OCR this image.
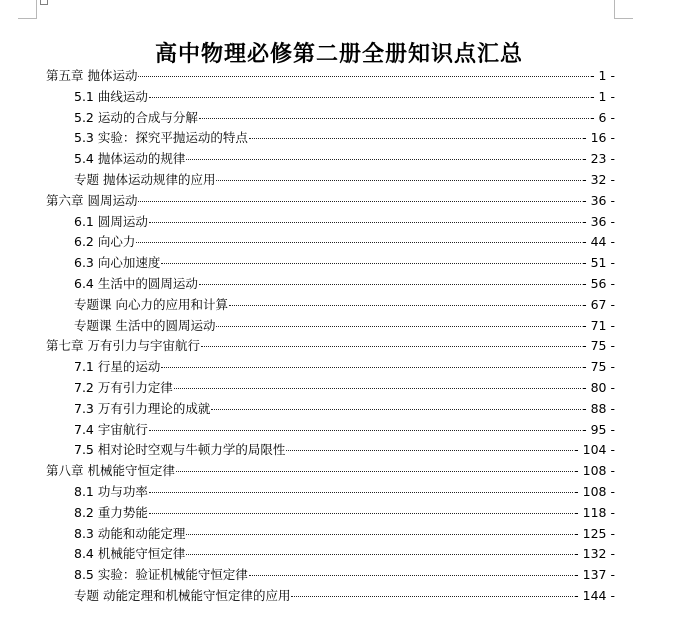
高中物理必修第二册全册知识点汇总
第五章 抛体运动	- 1 -
5.1 曲线运动	- 1 -
5.2 运动的合成与分解	- 6 -
5.3 实验：探究平抛运动的特点	- 16 -
5.4 抛体运动的规律	- 23 -
专题 抛体运动规律的应用	- 32 -
第六章 圆周运动	- 36 -
6.1 圆周运动	- 36 -
6.2 向心力	- 44 -
6.3 向心加速度	- 51 -
6.4 生活中的圆周运动	- 56 -
专题课 向心力的应用和计算	- 67 -
专题课 生活中的圆周运动	- 71 -
第七章 万有引力与宇宙航行	- 75 -
7.1 行星的运动	- 75 -
7.2 万有引力定律	- 80 -
7.3 万有引力理论的成就	- 88 -
7.4 宇宙航行	- 95 -
7.5 相对论时空观与牛顿力学的局限性	- 104 -
第八章 机械能守恒定律	- 108 -
8.1 功与功率	- 108 -
8.2 重力势能	- 118 -
8.3 动能和动能定理	- 125 -
8.4 机械能守恒定律	- 132 -
8.5 实验：验证机械能守恒定律	- 137 -
专题 动能定理和机械能守恒定律的应用	- 144 -
